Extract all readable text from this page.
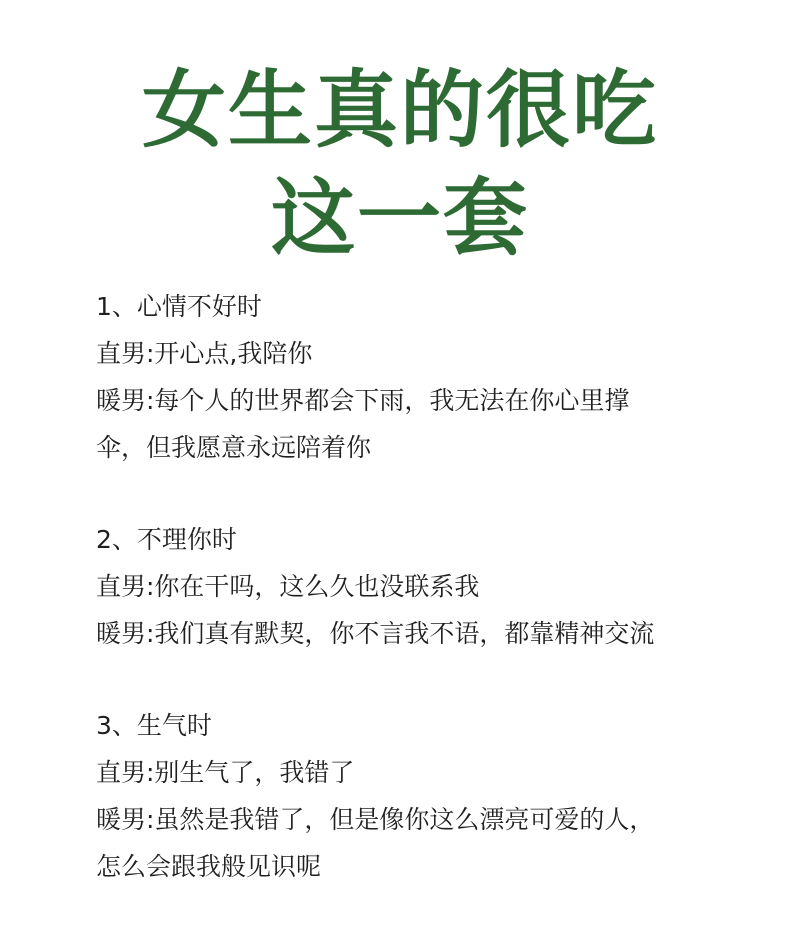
女生真的很吃
这一套
1、心情不好时
直男:开心点,我陪你
暖男:每个人的世界都会下雨，我无法在你心里撑
伞，但我愿意永远陪着你
2、不理你时
直男:你在干吗，这么久也没联系我
暖男:我们真有默契，你不言我不语，都靠精神交流
3、生气时
直男:别生气了，我错了
暖男:虽然是我错了，但是像你这么漂亮可爱的人，
怎么会跟我般见识呢
